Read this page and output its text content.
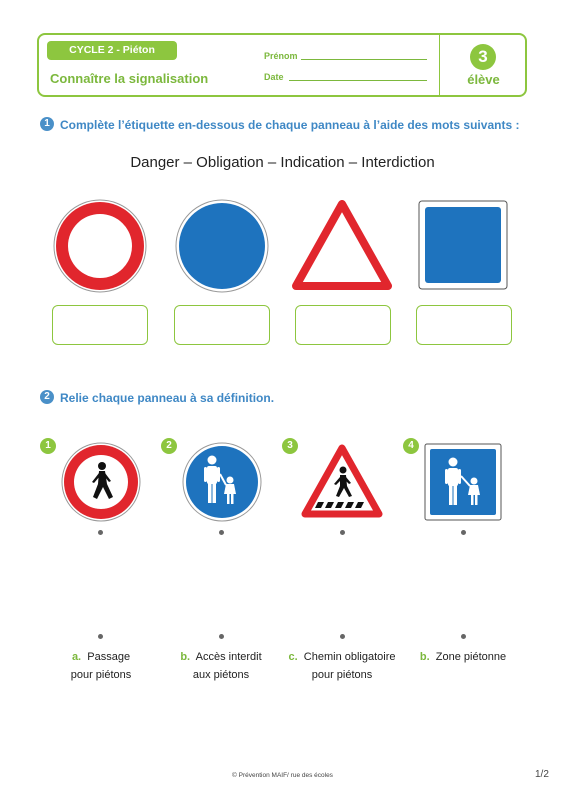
CYCLE 2 - Piéton
Connaître la signalisation
Prénom
Date
3
élève
1 Complète l’étiquette en-dessous de chaque panneau à l’aide des mots suivants :
Danger – Obligation – Indication – Interdiction
2 Relie chaque panneau à sa définition.
1	2	3	4
a. Passage
pour piétons
b. Accès interdit
aux piétons
c. Chemin obligatoire
pour piétons
b. Zone piétonne
© Prévention MAIF/ rue des écoles	1/2
